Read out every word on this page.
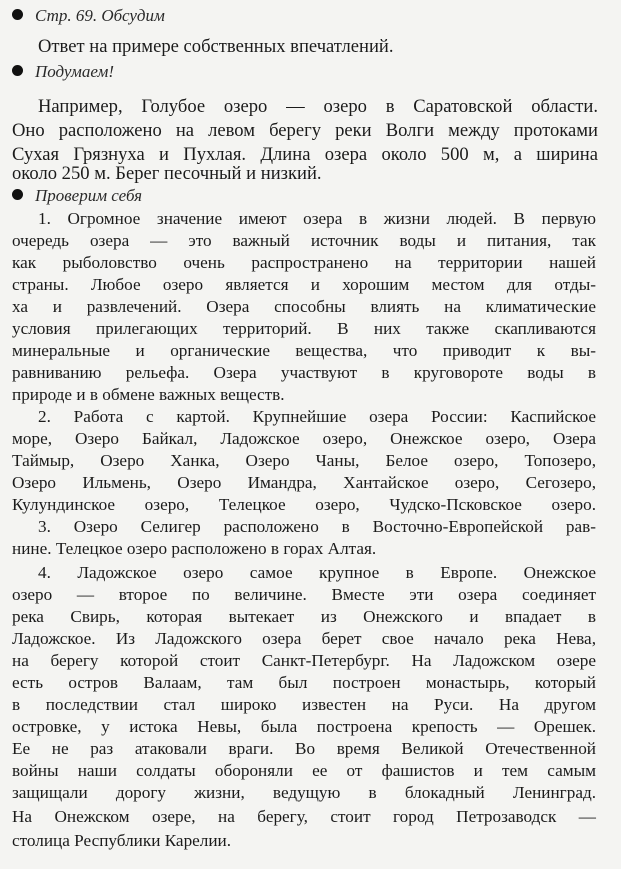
Стр. 69. Обсудим
Ответ на примере собственных впечатлений.
Подумаем!
Например, Голубое озеро — озеро в Саратовской области.
Оно расположено на левом берегу реки Волги между протоками
Сухая Грязнуха и Пухлая. Длина озера около 500 м, а ширина
около 250 м. Берег песочный и низкий.
Проверим себя
1. Огромное значение имеют озера в жизни людей. В первую
очередь озера — это важный источник воды и питания, так
как рыболовство очень распространено на территории нашей
страны. Любое озеро является и хорошим местом для отды-
ха и развлечений. Озера способны влиять на климатические
условия прилегающих территорий. В них также скапливаются
минеральные и органические вещества, что приводит к вы-
равниванию рельефа. Озера участвуют в круговороте воды в
природе и в обмене важных веществ.
2. Работа с картой. Крупнейшие озера России: Каспийское
море, Озеро Байкал, Ладожское озеро, Онежское озеро, Озера
Таймыр, Озеро Ханка, Озеро Чаны, Белое озеро, Топозеро,
Озеро Ильмень, Озеро Имандра, Хантайское озеро, Сегозеро,
Кулундинское озеро, Телецкое озеро, Чудско-Псковское озеро.
3. Озеро Селигер расположено в Восточно-Европейской рав-
нине. Телецкое озеро расположено в горах Алтая.
4. Ладожское озеро самое крупное в Европе. Онежское
озеро — второе по величине. Вместе эти озера соединяет
река Свирь, которая вытекает из Онежского и впадает в
Ладожское. Из Ладожского озера берет свое начало река Нева,
на берегу которой стоит Санкт-Петербург. На Ладожском озере
есть остров Валаам, там был построен монастырь, который
в последствии стал широко известен на Руси. На другом
островке, у истока Невы, была построена крепость — Орешек.
Ее не раз атаковали враги. Во время Великой Отечественной
войны наши солдаты обороняли ее от фашистов и тем самым
защищали дорогу жизни, ведущую в блокадный Ленинград.
На Онежском озере, на берегу, стоит город Петрозаводск —
столица Республики Карелии.
